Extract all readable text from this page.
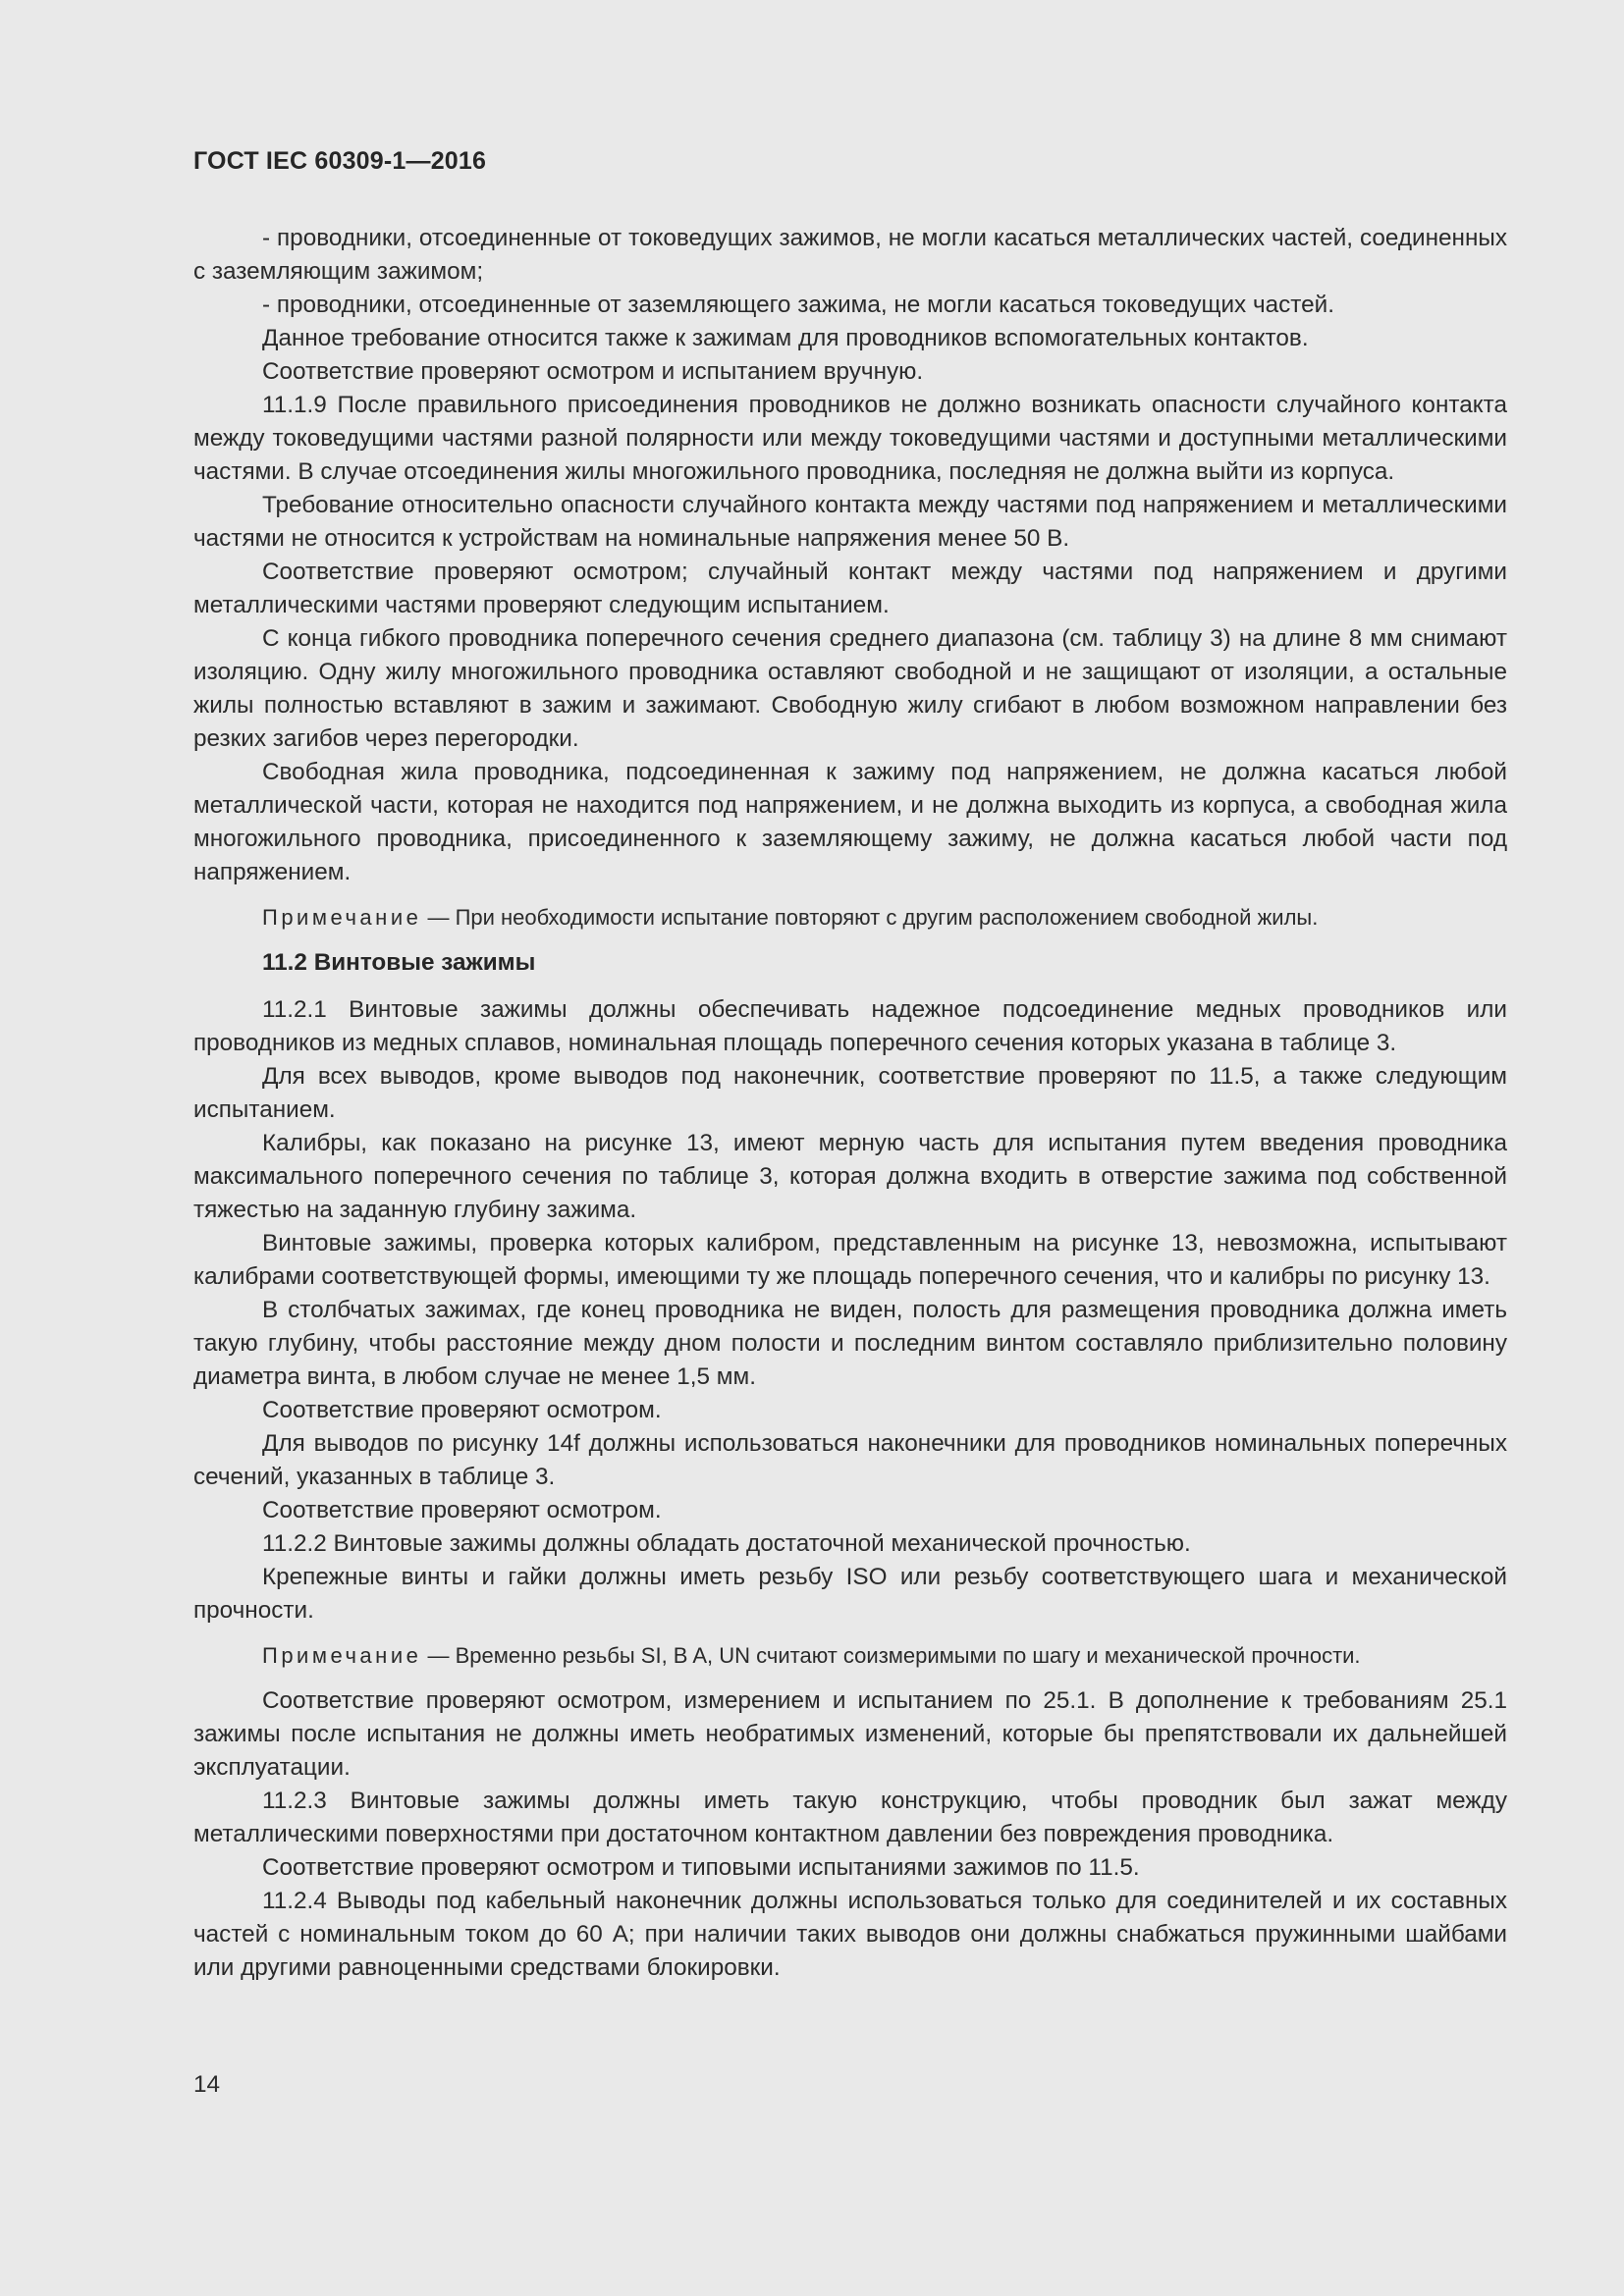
ГОСТ IEC 60309-1—2016

- проводники, отсоединенные от токоведущих зажимов, не могли касаться металлических частей, соединенных с заземляющим зажимом;

- проводники, отсоединенные от заземляющего зажима, не могли касаться токоведущих частей.

Данное требование относится также к зажимам для проводников вспомогательных контактов.

Соответствие проверяют осмотром и испытанием вручную.

11.1.9 После правильного присоединения проводников не должно возникать опасности случайного контакта между токоведущими частями разной полярности или между токоведущими частями и доступными металлическими частями. В случае отсоединения жилы многожильного проводника, последняя не должна выйти из корпуса.

Требование относительно опасности случайного контакта между частями под напряжением и металлическими частями не относится к устройствам на номинальные напряжения менее 50 В.

Соответствие проверяют осмотром; случайный контакт между частями под напряжением и другими металлическими частями проверяют следующим испытанием.

С конца гибкого проводника поперечного сечения среднего диапазона (см. таблицу 3) на длине 8 мм снимают изоляцию. Одну жилу многожильного проводника оставляют свободной и не защищают от изоляции, а остальные жилы полностью вставляют в зажим и зажимают. Свободную жилу сгибают в любом возможном направлении без резких загибов через перегородки.

Свободная жила проводника, подсоединенная к зажиму под напряжением, не должна касаться любой металлической части, которая не находится под напряжением, и не должна выходить из корпуса, а свободная жила многожильного проводника, присоединенного к заземляющему зажиму, не должна касаться любой части под напряжением.

Примечание — При необходимости испытание повторяют с другим расположением свободной жилы.

11.2 Винтовые зажимы

11.2.1 Винтовые зажимы должны обеспечивать надежное подсоединение медных проводников или проводников из медных сплавов, номинальная площадь поперечного сечения которых указана в таблице 3.

Для всех выводов, кроме выводов под наконечник, соответствие проверяют по 11.5, а также следующим испытанием.

Калибры, как показано на рисунке 13, имеют мерную часть для испытания путем введения проводника максимального поперечного сечения по таблице 3, которая должна входить в отверстие зажима под собственной тяжестью на заданную глубину зажима.

Винтовые зажимы, проверка которых калибром, представленным на рисунке 13, невозможна, испытывают калибрами соответствующей формы, имеющими ту же площадь поперечного сечения, что и калибры по рисунку 13.

В столбчатых зажимах, где конец проводника не виден, полость для размещения проводника должна иметь такую глубину, чтобы расстояние между дном полости и последним винтом составляло приблизительно половину диаметра винта, в любом случае не менее 1,5 мм.

Соответствие проверяют осмотром.

Для выводов по рисунку 14f должны использоваться наконечники для проводников номинальных поперечных сечений, указанных в таблице 3.

Соответствие проверяют осмотром.

11.2.2 Винтовые зажимы должны обладать достаточной механической прочностью.

Крепежные винты и гайки должны иметь резьбу ISO или резьбу соответствующего шага и механической прочности.

Примечание — Временно резьбы SI, B A, UN считают соизмеримыми по шагу и механической прочности.

Соответствие проверяют осмотром, измерением и испытанием по 25.1. В дополнение к требованиям 25.1 зажимы после испытания не должны иметь необратимых изменений, которые бы препятствовали их дальнейшей эксплуатации.

11.2.3 Винтовые зажимы должны иметь такую конструкцию, чтобы проводник был зажат между металлическими поверхностями при достаточном контактном давлении без повреждения проводника.

Соответствие проверяют осмотром и типовыми испытаниями зажимов по 11.5.

11.2.4 Выводы под кабельный наконечник должны использоваться только для соединителей и их составных частей с номинальным током до 60 А; при наличии таких выводов они должны снабжаться пружинными шайбами или другими равноценными средствами блокировки.

14
